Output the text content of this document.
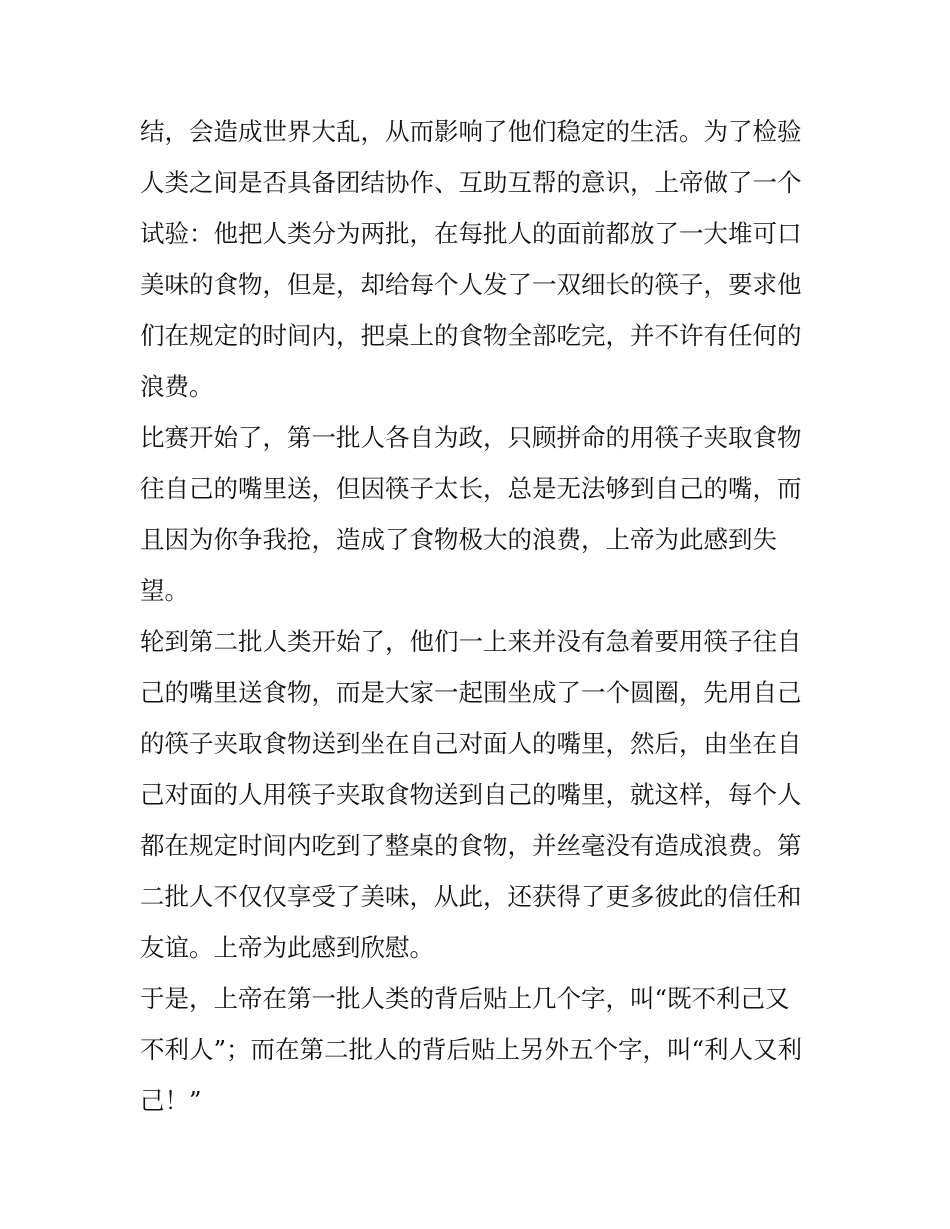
结，会造成世界大乱，从而影响了他们稳定的生活。为了检验
人类之间是否具备团结协作、互助互帮的意识，上帝做了一个
试验：他把人类分为两批，在每批人的面前都放了一大堆可口
美味的食物，但是，却给每个人发了一双细长的筷子，要求他
们在规定的时间内，把桌上的食物全部吃完，并不许有任何的
浪费。
比赛开始了，第一批人各自为政，只顾拼命的用筷子夹取食物
往自己的嘴里送，但因筷子太长，总是无法够到自己的嘴，而
且因为你争我抢，造成了食物极大的浪费，上帝为此感到失
望。
轮到第二批人类开始了，他们一上来并没有急着要用筷子往自
己的嘴里送食物，而是大家一起围坐成了一个圆圈，先用自己
的筷子夹取食物送到坐在自己对面人的嘴里，然后，由坐在自
己对面的人用筷子夹取食物送到自己的嘴里，就这样，每个人
都在规定时间内吃到了整桌的食物，并丝毫没有造成浪费。第
二批人不仅仅享受了美味，从此，还获得了更多彼此的信任和
友谊。上帝为此感到欣慰。
于是，上帝在第一批人类的背后贴上几个字，叫“既不利己又
不利人”；而在第二批人的背后贴上另外五个字，叫“利人又利
己！”
